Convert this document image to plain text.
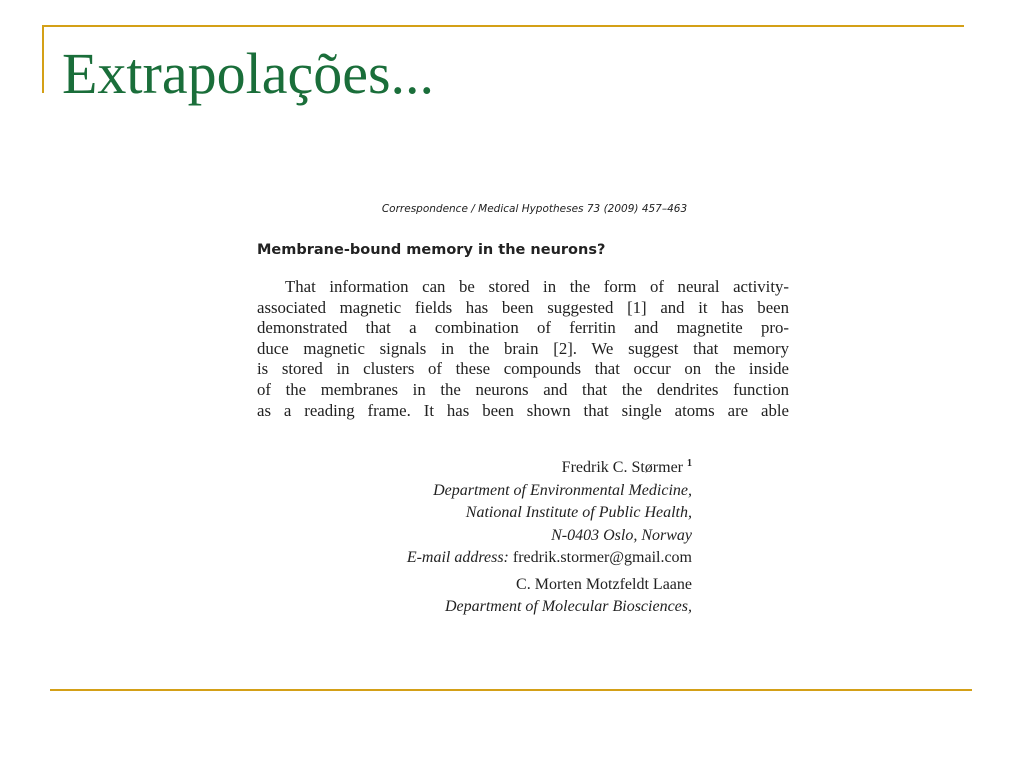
Extrapolações...
Correspondence / Medical Hypotheses 73 (2009) 457–463
Membrane-bound memory in the neurons?
That information can be stored in the form of neural activity-
associated magnetic fields has been suggested [1] and it has been
demonstrated that a combination of ferritin and magnetite pro-
duce magnetic signals in the brain [2]. We suggest that memory
is stored in clusters of these compounds that occur on the inside
of the membranes in the neurons and that the dendrites function
as a reading frame. It has been shown that single atoms are able
Fredrik C. Størmer $^1$
Department of Environmental Medicine,
National Institute of Public Health,
N-0403 Oslo, Norway
E-mail address: fredrik.stormer@gmail.com
C. Morten Motzfeldt Laane
Department of Molecular Biosciences,
